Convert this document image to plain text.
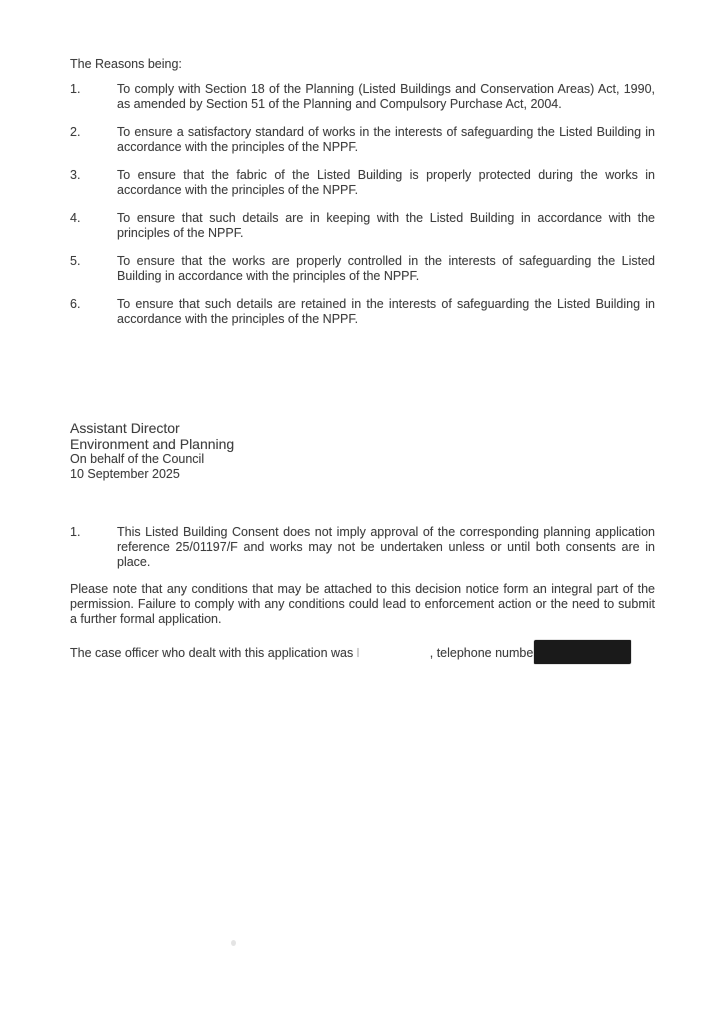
The Reasons being:

1.	To comply with Section 18 of the Planning (Listed Buildings and Conservation Areas) Act, 1990, as amended by Section 51 of the Planning and Compulsory Purchase Act, 2004.

2.	To ensure a satisfactory standard of works in the interests of safeguarding the Listed Building in accordance with the principles of the NPPF.

3.	To ensure that the fabric of the Listed Building is properly protected during the works in accordance with the principles of the NPPF.

4.	To ensure that such details are in keeping with the Listed Building in accordance with the principles of the NPPF.

5.	To ensure that the works are properly controlled in the interests of safeguarding the Listed Building in accordance with the principles of the NPPF.

6.	To ensure that such details are retained in the interests of safeguarding the Listed Building in accordance with the principles of the NPPF.

Assistant Director

Environment and Planning

On behalf of the Council

10 September 2025

1.	This Listed Building Consent does not imply approval of the corresponding planning application reference 25/01197/F and works may not be undertaken unless or until both consents are in place.

Please note that any conditions that may be attached to this decision notice form an integral part of the permission. Failure to comply with any conditions could lead to enforcement action or the need to submit a further formal application.

The case officer who dealt with this application was I	, telephone numbe
